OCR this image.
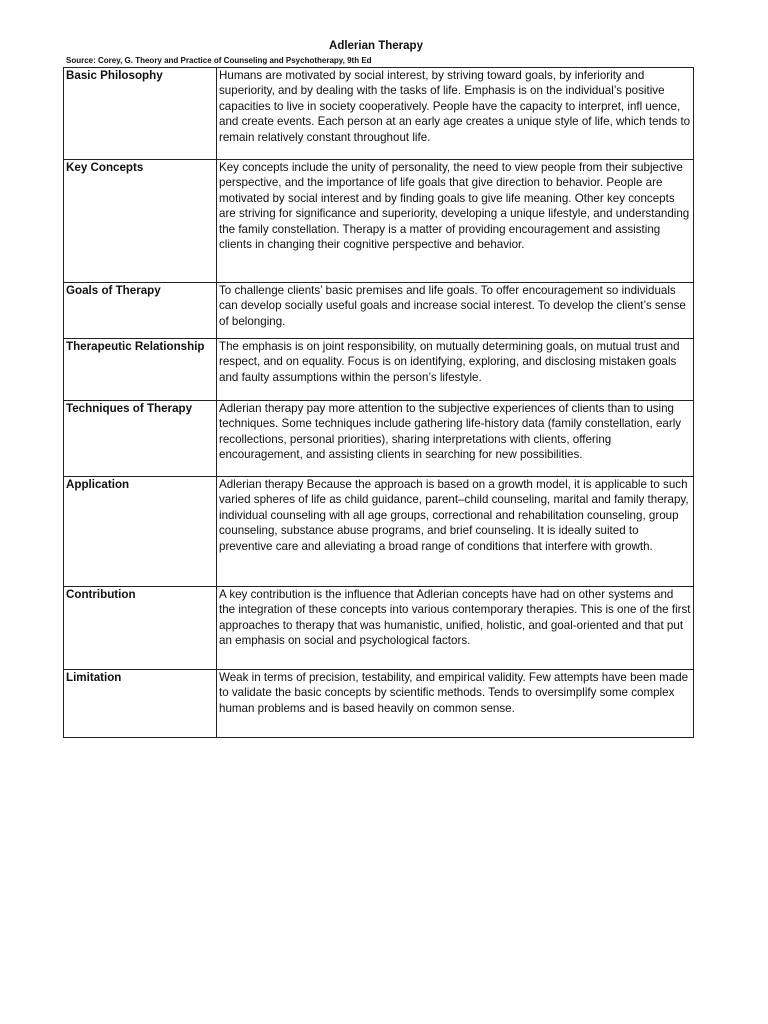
Adlerian Therapy
Source: Corey, G. Theory and Practice of Counseling and Psychotherapy, 9th Ed
Basic Philosophy	Humans are motivated by social interest, by striving toward goals, by inferiority and superiority, and by dealing with the tasks of life. Emphasis is on the individual’s positive capacities to live in society cooperatively. People have the capacity to interpret, infl uence, and create events. Each person at an early age creates a unique style of life, which tends to remain relatively constant throughout life.
Key Concepts	Key concepts include the unity of personality, the need to view people from their subjective perspective, and the importance of life goals that give direction to behavior. People are motivated by social interest and by finding goals to give life meaning. Other key concepts are striving for significance and superiority, developing a unique lifestyle, and understanding the family constellation. Therapy is a matter of providing encouragement and assisting clients in changing their cognitive perspective and behavior.
Goals of Therapy	To challenge clients’ basic premises and life goals. To offer encouragement so individuals can develop socially useful goals and increase social interest. To develop the client’s sense of belonging.
Therapeutic Relationship	The emphasis is on joint responsibility, on mutually determining goals, on mutual trust and respect, and on equality. Focus is on identifying, exploring, and disclosing mistaken goals and faulty assumptions within the person’s lifestyle.
Techniques of Therapy	Adlerian therapy pay more attention to the subjective experiences of clients than to using techniques. Some techniques include gathering life-history data (family constellation, early recollections, personal priorities), sharing interpretations with clients, offering encouragement, and assisting clients in searching for new possibilities.
Application	Adlerian therapy Because the approach is based on a growth model, it is applicable to such varied spheres of life as child guidance, parent–child counseling, marital and family therapy, individual counseling with all age groups, correctional and rehabilitation counseling, group counseling, substance abuse programs, and brief counseling. It is ideally suited to preventive care and alleviating a broad range of conditions that interfere with growth.
Contribution	A key contribution is the influence that Adlerian concepts have had on other systems and the integration of these concepts into various contemporary therapies. This is one of the first approaches to therapy that was humanistic, unified, holistic, and goal-oriented and that put an emphasis on social and psychological factors.
Limitation	Weak in terms of precision, testability, and empirical validity. Few attempts have been made to validate the basic concepts by scientific methods. Tends to oversimplify some complex human problems and is based heavily on common sense.
